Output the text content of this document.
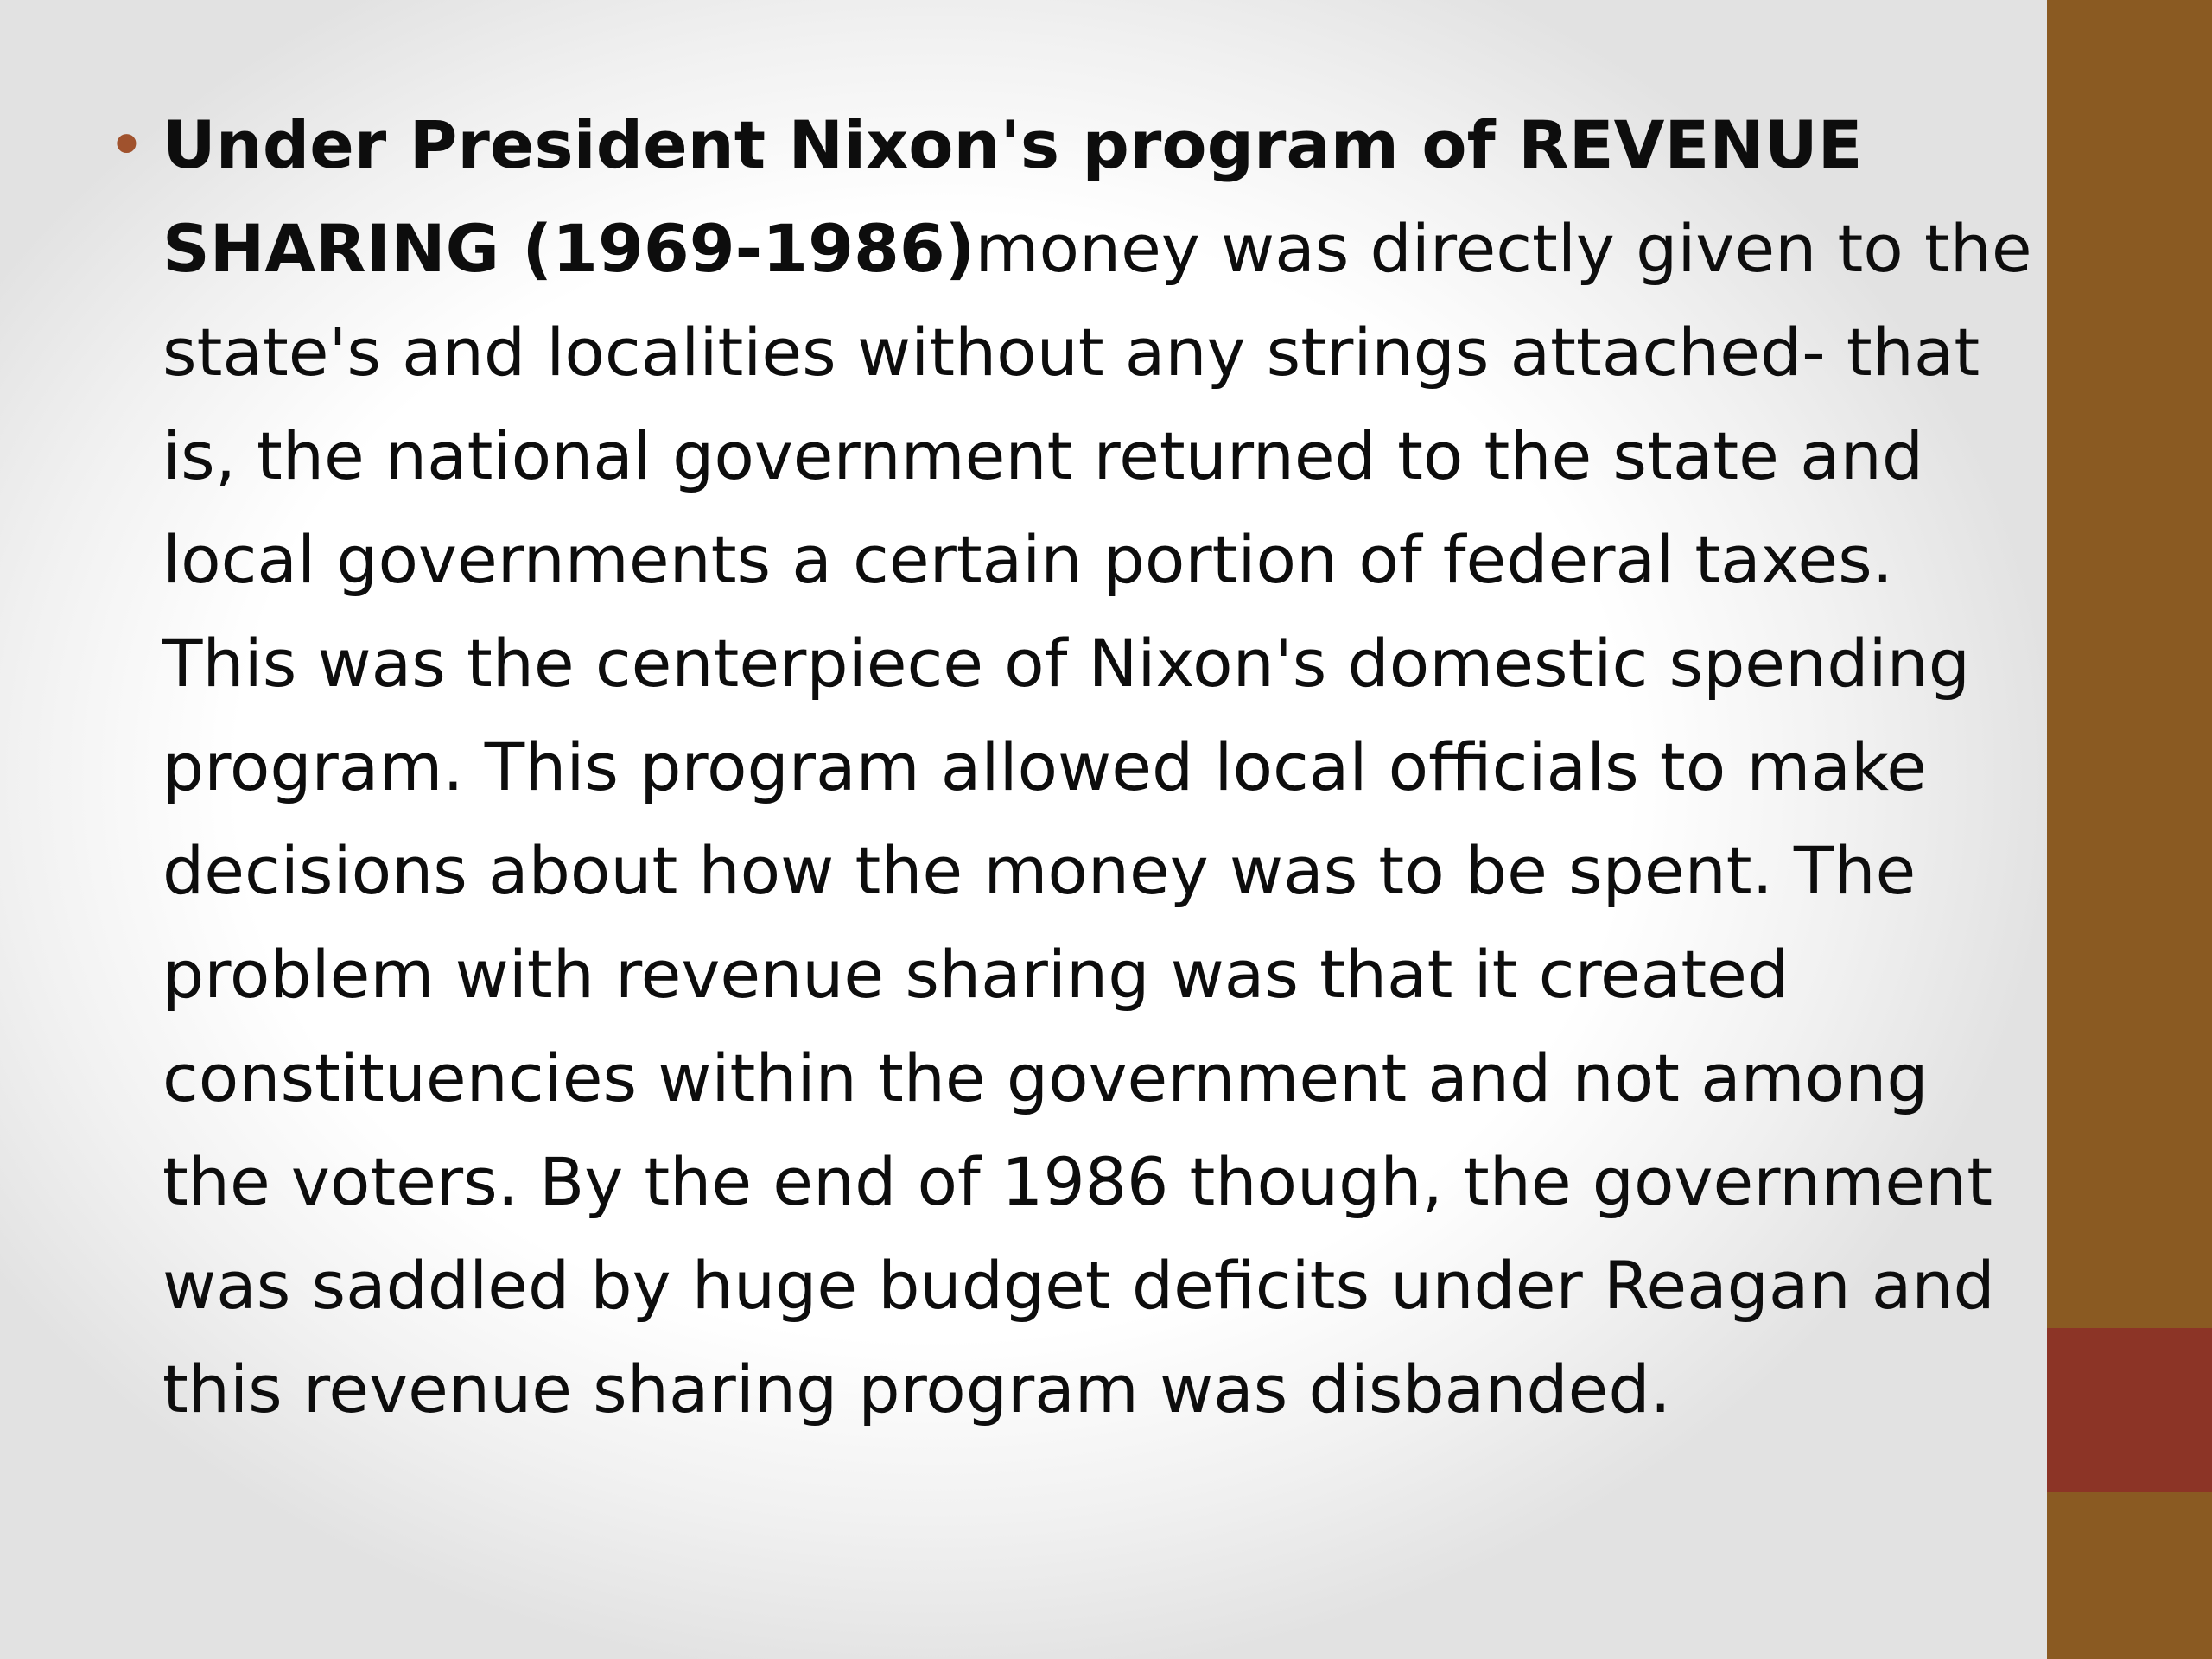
• Under President Nixon's program of REVENUE
SHARING (1969-1986)money was directly given to the
state's and localities without any strings attached- that
is, the national government returned to the state and
local governments a certain portion of federal taxes.
This was the centerpiece of Nixon's domestic spending
program. This program allowed local officials to make
decisions about how the money was to be spent. The
problem with revenue sharing was that it created
constituencies within the government and not among
the voters. By the end of 1986 though, the government
was saddled by huge budget deficits under Reagan and
this revenue sharing program was disbanded.
